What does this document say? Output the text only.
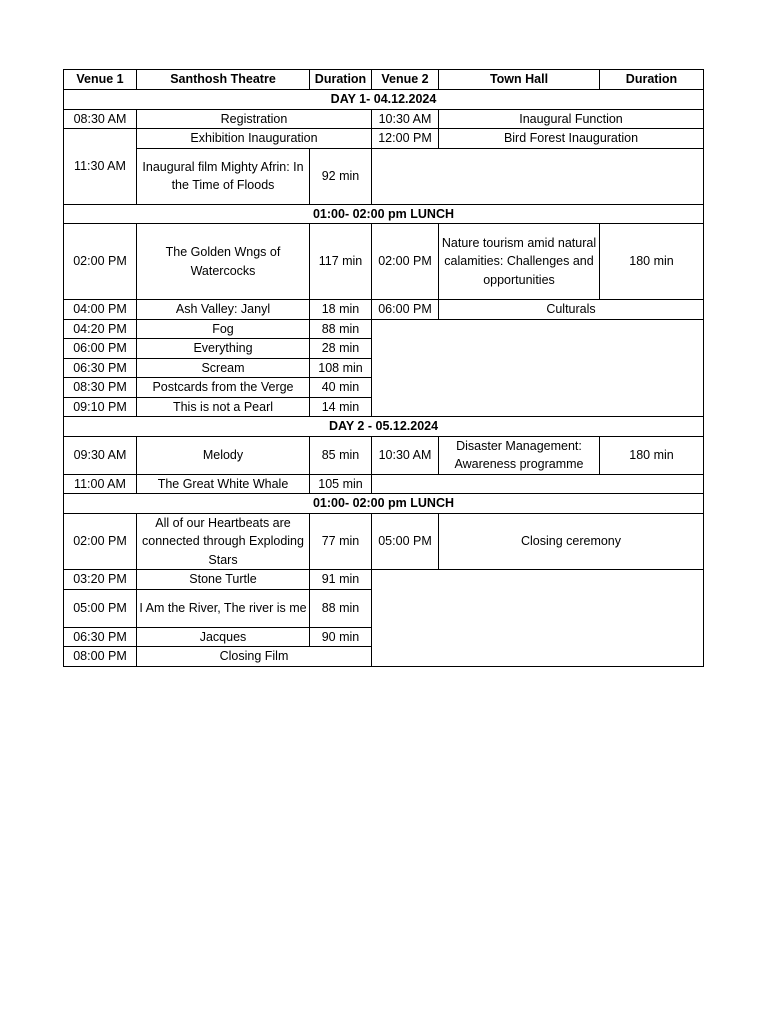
Venue 1	Santhosh Theatre	Duration	Venue 2	Town Hall	Duration
DAY 1- 04.12.2024					
08:30 AM	Registration		10:30 AM	Inaugural Function	
11:30 AM	Exhibition Inauguration		12:00 PM	Bird Forest Inauguration	
	Inaugural film Mighty Afrin: In the Time of Floods	92 min			
01:00- 02:00 pm LUNCH					
02:00 PM	The Golden Wngs of Watercocks	117 min	02:00 PM	Nature tourism amid natural calamities: Challenges and opportunities	180 min
04:00 PM	Ash Valley: Janyl	18 min	06:00 PM	Culturals	
04:20 PM	Fog	88 min			
06:00 PM	Everything	28 min			
06:30 PM	Scream	108 min			
08:30 PM	Postcards from the Verge	40 min			
09:10 PM	This is not a Pearl	14 min			
DAY 2 - 05.12.2024					
09:30 AM	Melody	85 min	10:30 AM	Disaster Management: Awareness programme	180 min
11:00 AM	The Great White Whale	105 min			
01:00- 02:00 pm LUNCH					
02:00 PM	All of our Heartbeats are connected through Exploding Stars	77 min	05:00 PM	Closing ceremony	
03:20 PM	Stone Turtle	91 min			
05:00 PM	I Am the River, The river is me	88 min			
06:30 PM	Jacques	90 min			
08:00 PM	Closing Film				
